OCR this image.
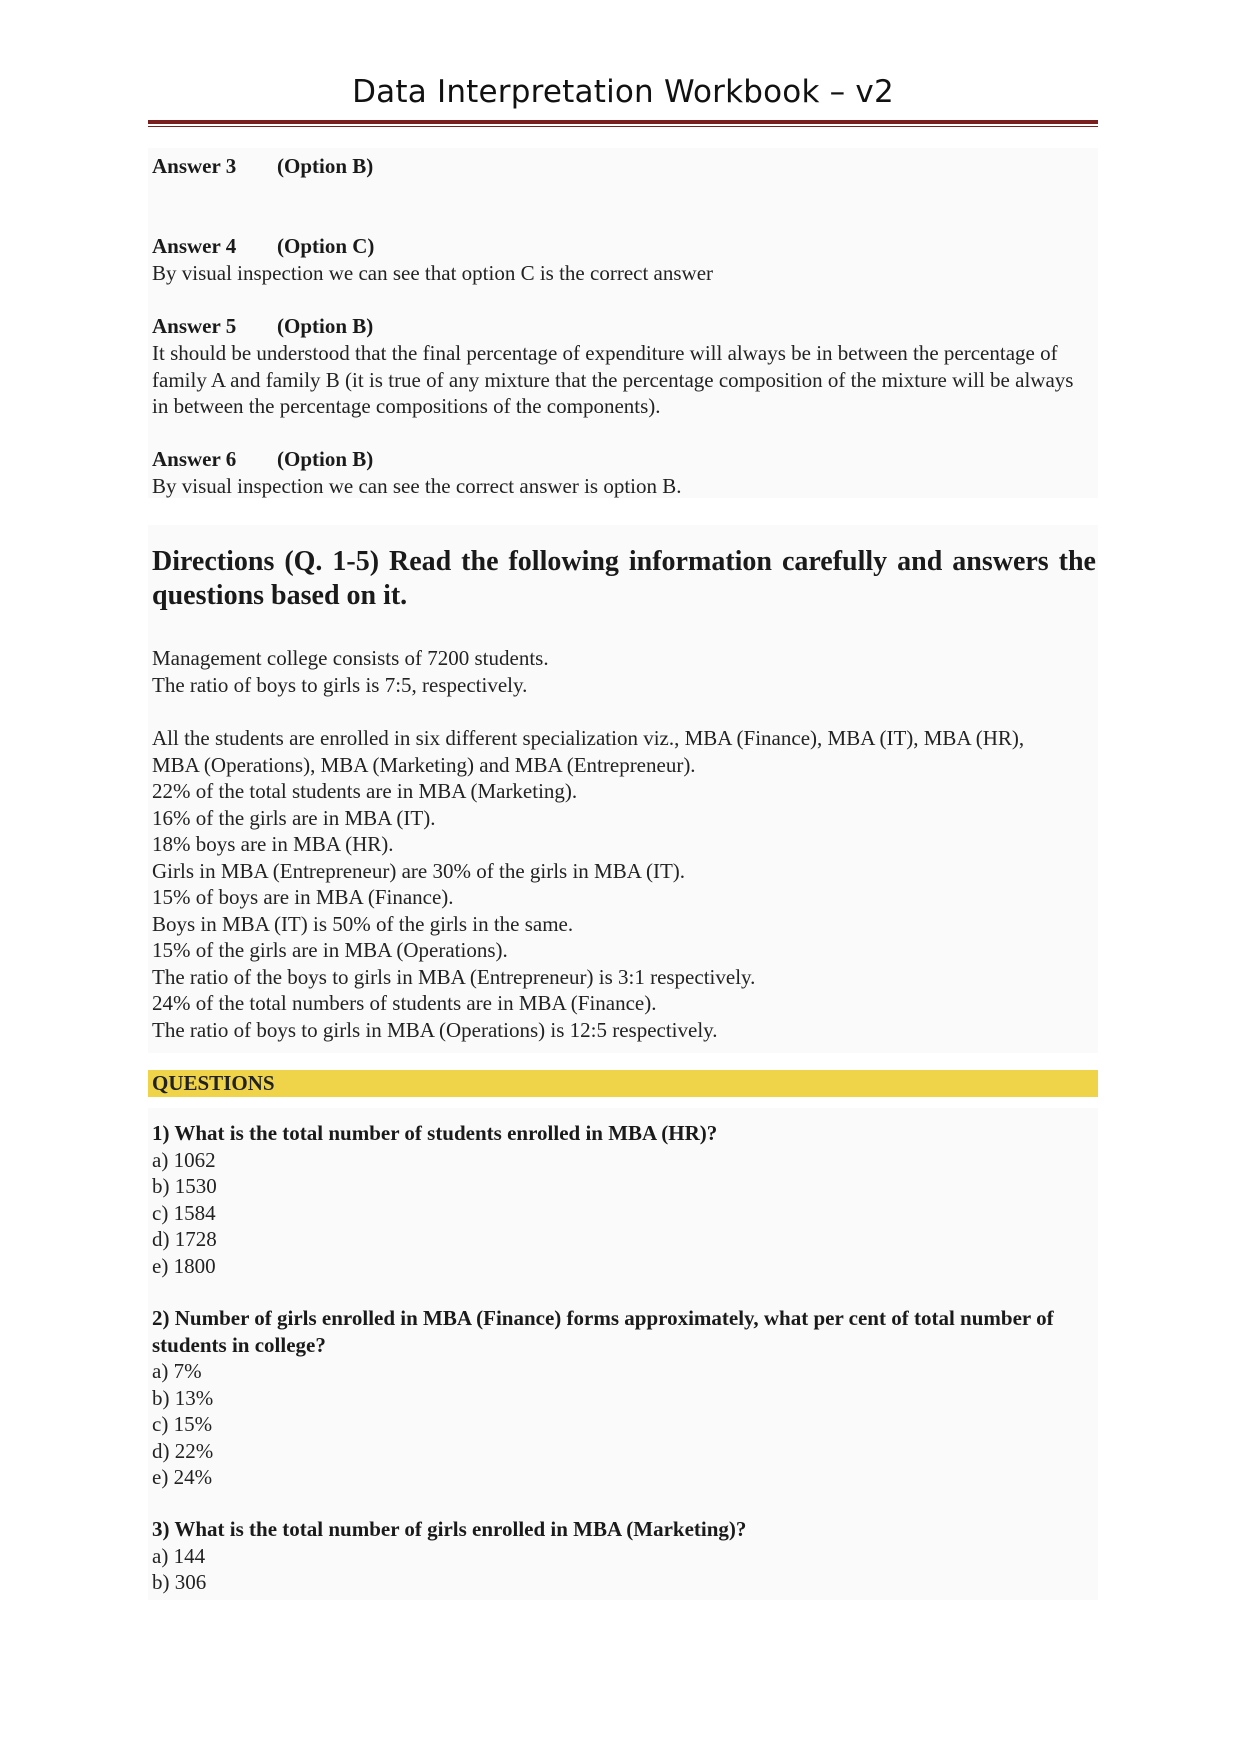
Data Interpretation Workbook – v2
Answer 3 (Option B)
Answer 4 (Option C)
By visual inspection we can see that option C is the correct answer
Answer 5 (Option B)
It should be understood that the final percentage of expenditure will always be in between the percentage of family A and family B (it is true of any mixture that the percentage composition of the mixture will be always in between the percentage compositions of the components).
Answer 6 (Option B)
By visual inspection we can see the correct answer is option B.
Directions (Q. 1-5) Read the following information carefully and answers the questions based on it.
Management college consists of 7200 students.
The ratio of boys to girls is 7:5, respectively.
All the students are enrolled in six different specialization viz., MBA (Finance), MBA (IT), MBA (HR), MBA (Operations), MBA (Marketing) and MBA (Entrepreneur).
22% of the total students are in MBA (Marketing).
16% of the girls are in MBA (IT).
18% boys are in MBA (HR).
Girls in MBA (Entrepreneur) are 30% of the girls in MBA (IT).
15% of boys are in MBA (Finance).
Boys in MBA (IT) is 50% of the girls in the same.
15% of the girls are in MBA (Operations).
The ratio of the boys to girls in MBA (Entrepreneur) is 3:1 respectively.
24% of the total numbers of students are in MBA (Finance).
The ratio of boys to girls in MBA (Operations) is 12:5 respectively.
QUESTIONS
1) What is the total number of students enrolled in MBA (HR)?
a) 1062
b) 1530
c) 1584
d) 1728
e) 1800
2) Number of girls enrolled in MBA (Finance) forms approximately, what per cent of total number of students in college?
a) 7%
b) 13%
c) 15%
d) 22%
e) 24%
3) What is the total number of girls enrolled in MBA (Marketing)?
a) 144
b) 306
